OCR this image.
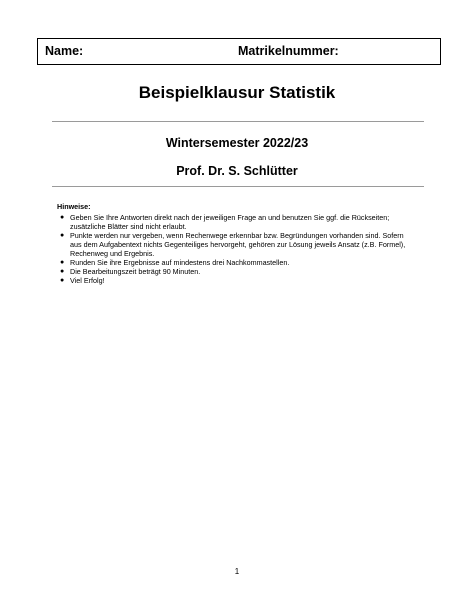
Name:	Matrikelnummer:
Beispielklausur Statistik
Wintersemester 2022/23
Prof. Dr. S. Schlütter
Hinweise:
● Geben Sie Ihre Antworten direkt nach der jeweiligen Frage an und benutzen Sie ggf. die Rückseiten; zusätzliche Blätter sind nicht erlaubt.
● Punkte werden nur vergeben, wenn Rechenwege erkennbar bzw. Begründungen vorhanden sind. Sofern aus dem Aufgabentext nichts Gegenteiliges hervorgeht, gehören zur Lösung jeweils Ansatz (z.B. Formel), Rechenweg und Ergebnis.
● Runden Sie ihre Ergebnisse auf mindestens drei Nachkommastellen.
● Die Bearbeitungszeit beträgt 90 Minuten.
● Viel Erfolg!
1
